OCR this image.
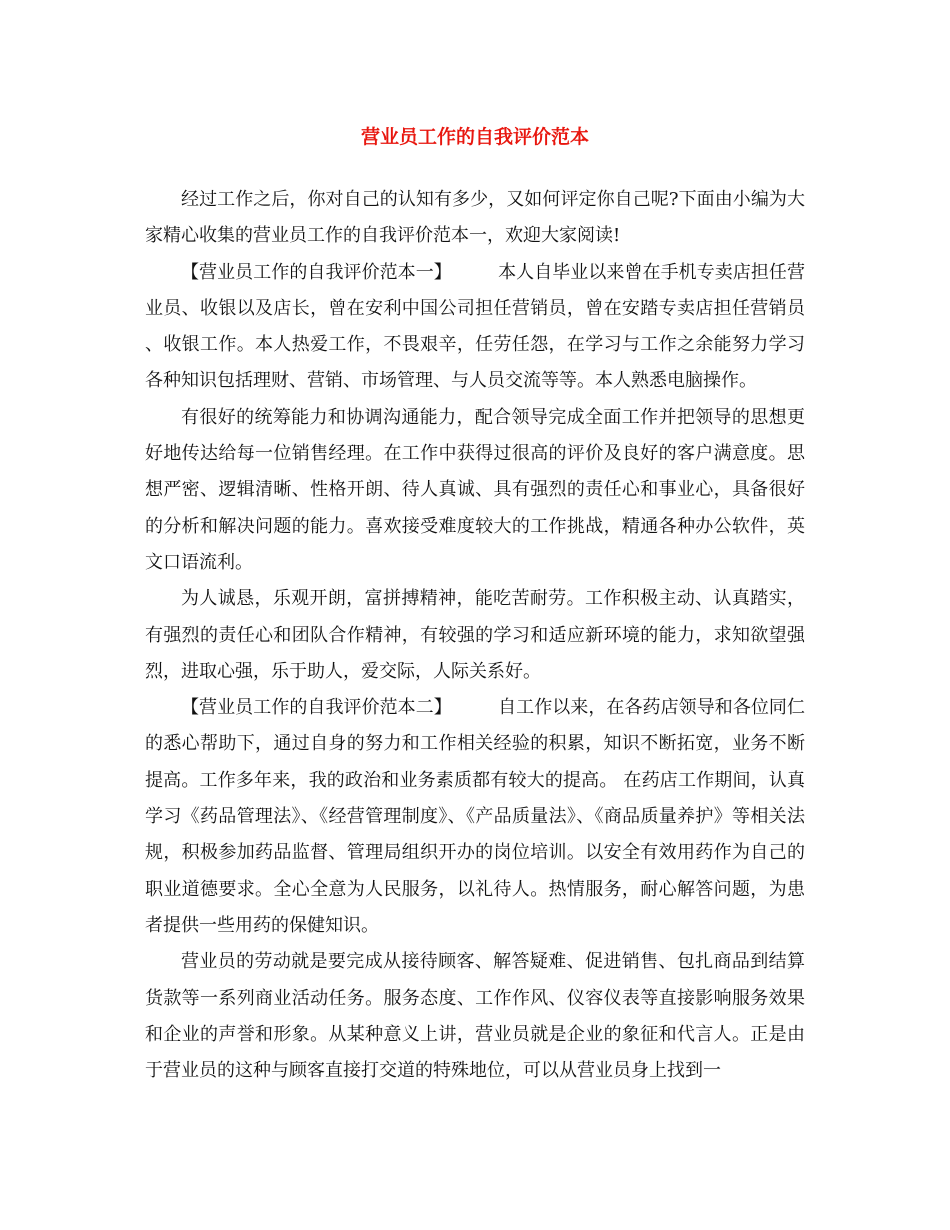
营业员工作的自我评价范本

经过工作之后，你对自己的认知有多少，又如何评定你自己呢?下面由小编为大家精心收集的营业员工作的自我评价范本一，欢迎大家阅读!

【营业员工作的自我评价范本一】        本人自毕业以来曾在手机专卖店担任营业员、收银以及店长，曾在安利中国公司担任营销员，曾在安踏专卖店担任营销员、收银工作。本人热爱工作，不畏艰辛，任劳任怨，在学习与工作之余能努力学习各种知识包括理财、营销、市场管理、与人员交流等等。本人熟悉电脑操作。

有很好的统筹能力和协调沟通能力，配合领导完成全面工作并把领导的思想更好地传达给每一位销售经理。在工作中获得过很高的评价及良好的客户满意度。思想严密、逻辑清晰、性格开朗、待人真诚、具有强烈的责任心和事业心，具备很好的分析和解决问题的能力。喜欢接受难度较大的工作挑战，精通各种办公软件，英文口语流利。

为人诚恳，乐观开朗，富拼搏精神，能吃苦耐劳。工作积极主动、认真踏实，有强烈的责任心和团队合作精神，有较强的学习和适应新环境的能力，求知欲望强烈，进取心强，乐于助人，爱交际，人际关系好。

【营业员工作的自我评价范本二】        自工作以来，在各药店领导和各位同仁的悉心帮助下，通过自身的努力和工作相关经验的积累，知识不断拓宽，业务不断提高。工作多年来，我的政治和业务素质都有较大的提高。 在药店工作期间，认真学习《药品管理法》、《经营管理制度》、《产品质量法》、《商品质量养护》等相关法规，积极参加药品监督、管理局组织开办的岗位培训。以安全有效用药作为自己的职业道德要求。全心全意为人民服务，以礼待人。热情服务，耐心解答问题，为患者提供一些用药的保健知识。

营业员的劳动就是要完成从接待顾客、解答疑难、促进销售、包扎商品到结算货款等一系列商业活动任务。服务态度、工作作风、仪容仪表等直接影响服务效果和企业的声誉和形象。从某种意义上讲，营业员就是企业的象征和代言人。正是由于营业员的这种与顾客直接打交道的特殊地位，可以从营业员身上找到一
